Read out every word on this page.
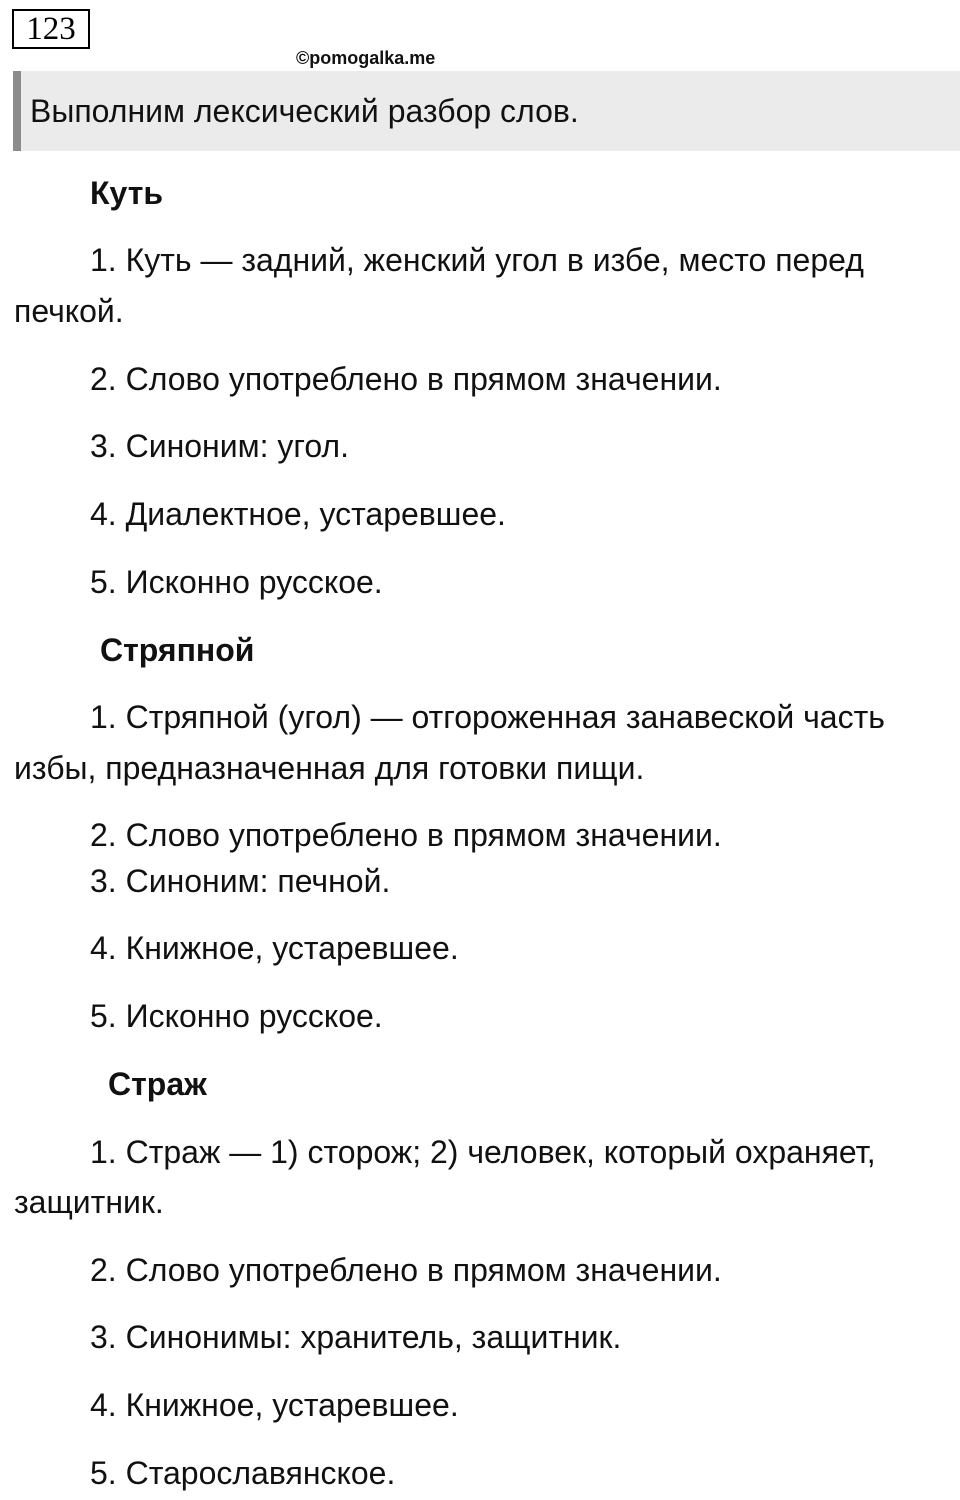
123
©pomogalka.me
Выполним лексический разбор слов.
Куть
1. Куть — задний, женский угол в избе, место перед
печкой.
2. Слово употреблено в прямом значении.
3. Синоним: угол.
4. Диалектное, устаревшее.
5. Исконно русское.
Стряпной
1. Стряпной (угол) — отгороженная занавеской часть
избы, предназначенная для готовки пищи.
2. Слово употреблено в прямом значении.
3. Синоним: печной.
4. Книжное, устаревшее.
5. Исконно русское.
Страж
1. Страж — 1) сторож; 2) человек, который охраняет,
защитник.
2. Слово употреблено в прямом значении.
3. Синонимы: хранитель, защитник.
4. Книжное, устаревшее.
5. Старославянское.
